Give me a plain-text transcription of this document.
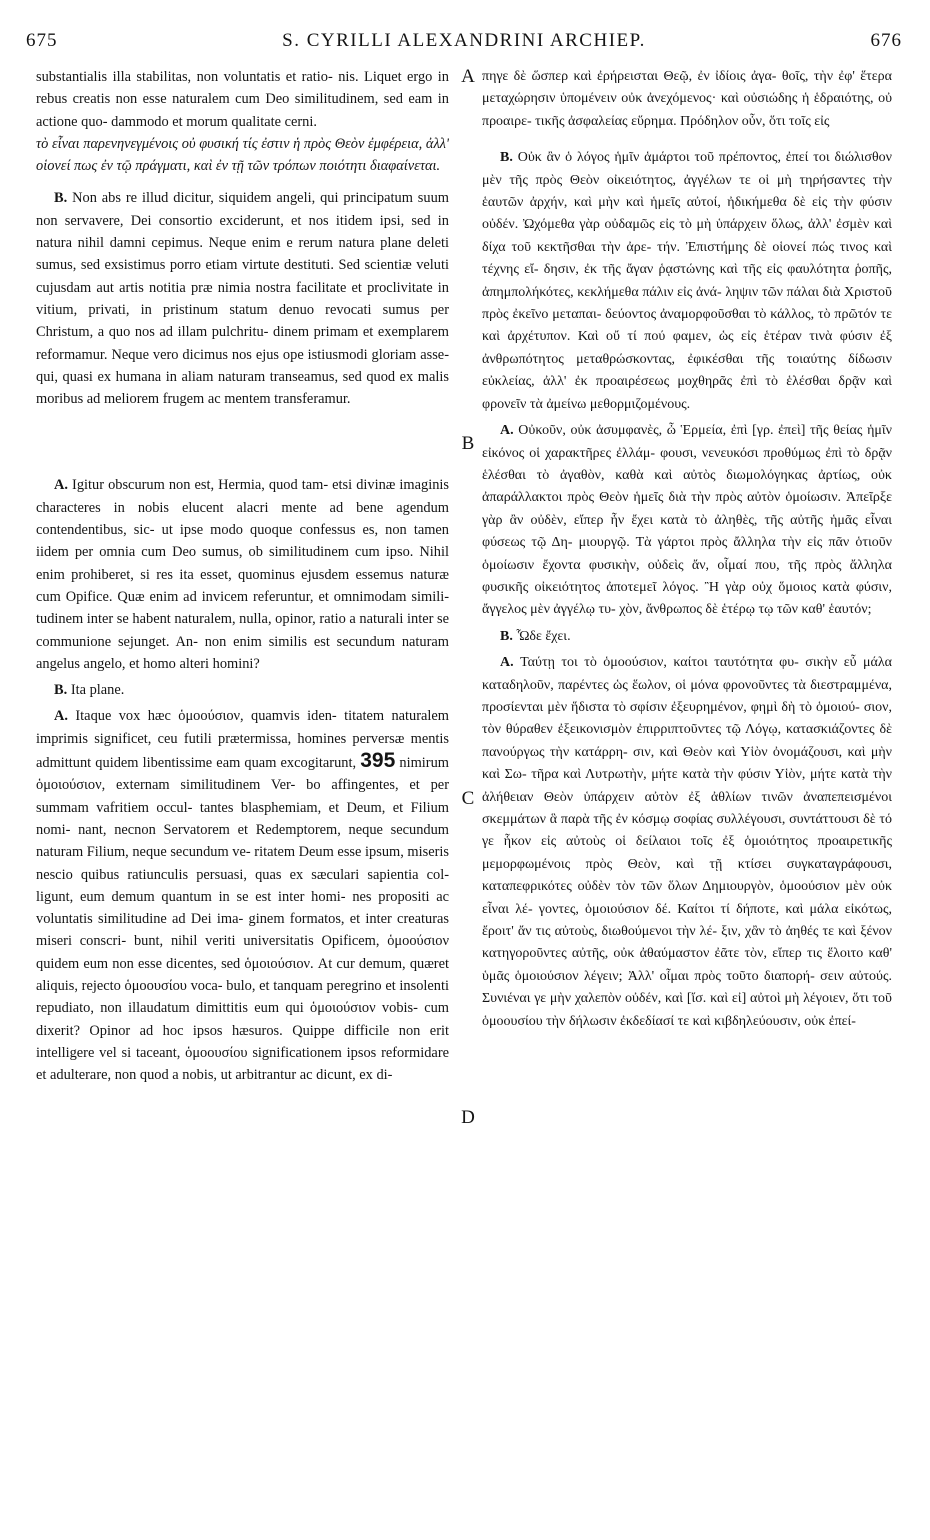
675	S. CYRILLI ALEXANDRINI ARCHIEP.	676

substantialis illa stabilitas, non voluntatis et ratio- nis. Liquet ergo in rebus creatis non esse naturalem cum Deo similitudinem, sed eam in actione quo- dammodo et morum qualitate cerni.

τὸ εἶναι παρενηνεγμένοις οὐ φυσική τίς ἐστιν ἡ πρὸς Θεὸν ἐμφέρεια, ἀλλ' οἱονεί πως ἐν τῷ πράγματι, καὶ ἐν τῇ τῶν τρόπων ποιότητι διαφαίνεται.

B. Non abs re illud dicitur, siquidem angeli, qui principatum suum non servavere, Dei consortio exciderunt, et nos itidem ipsi, sed in natura nihil damni cepimus. Neque enim e rerum natura plane deleti sumus, sed exsistimus porro etiam virtute destituti. Sed scientiæ veluti cujusdam aut artis notitia præ nimia nostra facilitate et proclivitate in vitium, privati, in pristinum statum denuo revocati sumus per Christum, a quo nos ad illam pulchritu- dinem primam et exemplarem reformamur. Neque vero dicimus nos ejus ope istiusmodi gloriam asse- qui, quasi ex humana in aliam naturam transeamus, sed quod ex malis moribus ad meliorem frugem ac mentem transferamur.

A. Igitur obscurum non est, Hermia, quod tam- etsi divinæ imaginis characteres in nobis elucent alacri mente ad bene agendum contendentibus, sic- ut ipse modo quoque confessus es, non tamen iidem per omnia cum Deo sumus, ob similitudinem cum ipso. Nihil enim prohiberet, si res ita esset, quominus ejusdem essemus naturæ cum Opifice. Quæ enim ad invicem referuntur, et omnimodam simili- tudinem inter se habent naturalem, nulla, opinor, ratio a naturali inter se communione sejunget. An- non enim similis est secundum naturam angelus angelo, et homo alteri homini?

B. Ita plane.

A. Itaque vox hæc ὁμοούσιον, quamvis iden- titatem naturalem imprimis significet, ceu futili prætermissa, homines perversæ mentis admittunt quidem libentissime eam quam excogitarunt, 395 nimirum ὁμοιούσιον, externam similitudinem Ver- bo affingentes, et per summam vafritiem occul- tantes blasphemiam, et Deum, et Filium nomi- nant, necnon Servatorem et Redemptorem, neque secundum naturam Filium, neque secundum ve- ritatem Deum esse ipsum, miseris nescio quibus ratiunculis persuasi, quas ex sæculari sapientia col- ligunt, eum demum quantum in se est inter homi- nes propositi ac voluntatis similitudine ad Dei ima- ginem formatos, et inter creaturas miseri conscri- bunt, nihil veriti universitatis Opificem, ὁμοούσιον quidem eum non esse dicentes, sed ὁμοιούσιον. At cur demum, quæret aliquis, rejecto ὁμοουσίου voca- bulo, et tanquam peregrino et insolenti repudiato, non illaudatum dimittitis eum qui ὁμοιούσιον vobis- cum dixerit? Opinor ad hoc ipsos hæsuros. Quippe difficile non erit intelligere vel si taceant, ὁμοουσίου significationem ipsos reformidare et adulterare, non quod a nobis, ut arbitrantur ac dicunt, ex di-

A
B
C
D

πηγε δὲ ὥσπερ καὶ ἐρήρεισται Θεῷ, ἐν ἰδίοις ἀγα- θοῖς, τὴν ἐφ' ἕτερα μεταχώρησιν ὑπομένειν οὐκ ἀνεχόμενος· καὶ οὐσιώδης ἡ ἑδραιότης, οὐ προαιρε- τικῆς ἀσφαλείας εὕρημα. Πρόδηλον οὖν, ὅτι τοῖς εἰς

B. Οὐκ ἂν ὁ λόγος ἡμῖν ἁμάρτοι τοῦ πρέποντος, ἐπεί τοι διώλισθον μὲν τῆς πρὸς Θεὸν οἰκειότητος, ἀγγέλων τε οἱ μὴ τηρήσαντες τὴν ἑαυτῶν ἀρχήν, καὶ μὴν καὶ ἡμεῖς αὐτοί, ἠδικήμεθα δὲ εἰς τὴν φύσιν οὐδέν. Ὠχόμεθα γὰρ οὐδαμῶς εἰς τὸ μὴ ὑπάρχειν ὅλως, ἀλλ' ἐσμὲν καὶ δίχα τοῦ κεκτῆσθαι τὴν ἀρε- τήν. Ἐπιστήμης δὲ οἱονεί πώς τινος καὶ τέχνης εἴ- δησιν, ἐκ τῆς ἄγαν ῥᾳστώνης καὶ τῆς εἰς φαυλότητα ῥοπῆς, ἀπημπολήκότες, κεκλήμεθα πάλιν εἰς ἀνά- ληψιν τῶν πάλαι διὰ Χριστοῦ πρὸς ἐκεῖνο μεταπαι- δεύοντος ἀναμορφοῦσθαι τὸ κάλλος, τὸ πρῶτόν τε καὶ ἀρχέτυπον. Καὶ οὔ τί πού φαμεν, ὡς εἰς ἑτέραν τινὰ φύσιν ἐξ ἀνθρωπότητος μεταθρώσκοντας, ἐφικέσθαι τῆς τοιαύτης δίδωσιν εὐκλείας, ἀλλ' ἐκ προαιρέσεως μοχθηρᾶς ἐπὶ τὸ ἑλέσθαι δρᾷν καὶ φρονεῖν τὰ ἀμείνω μεθορμιζομένους.

A. Οὐκοῦν, οὐκ ἀσυμφανὲς, ὦ Ἑρμεία, ἐπὶ [γρ. ἐπεὶ] τῆς θείας ἡμῖν εἰκόνος οἱ χαρακτῆρες ἐλλάμ- φουσι, νενευκόσι προθύμως ἐπὶ τὸ δρᾷν ἑλέσθαι τὸ ἀγαθὸν, καθὰ καὶ αὐτὸς διωμολόγηκας ἀρτίως, οὐκ ἀπαράλλακτοι πρὸς Θεὸν ἡμεῖς διὰ τὴν πρὸς αὐτὸν ὁμοίωσιν. Ἀπεῖρξε γὰρ ἂν οὐδὲν, εἴπερ ἦν ἔχει κατὰ τὸ ἀληθὲς, τῆς αὐτῆς ἡμᾶς εἶναι φύσεως τῷ Δη- μιουργῷ. Τὰ γάρτοι πρὸς ἄλληλα τὴν εἰς πᾶν ὁτιοῦν ὁμοίωσιν ἔχοντα φυσικὴν, οὐδεὶς ἄν, οἶμαί που, τῆς πρὸς ἄλληλα φυσικῆς οἰκειότητος ἀποτεμεῖ λόγος. Ἢ γὰρ οὐχ ὅμοιος κατὰ φύσιν, ἄγγελος μὲν ἀγγέλῳ τυ- χὸν, ἄνθρωπος δὲ ἑτέρῳ τῳ τῶν καθ' ἑαυτόν;

B. Ὧδε ἔχει.

A. Ταύτῃ τοι τὸ ὁμοούσιον, καίτοι ταυτότητα φυ- σικὴν εὖ μάλα καταδηλοῦν, παρέντες ὡς ἕωλον, οἱ μόνα φρονοῦντες τὰ διεστραμμένα, προσίενται μὲν ἥδιστα τὸ σφίσιν ἐξευρημένον, φημὶ δὴ τὸ ὁμοιού- σιον, τὸν θύραθεν ἐξεικονισμὸν ἐπιρριπτοῦντες τῷ Λόγῳ, κατασκιάζοντες δὲ πανούργως τὴν κατάρρη- σιν, καὶ Θεὸν καὶ Υἱὸν ὀνομάζουσι, καὶ μὴν καὶ Σω- τῆρα καὶ Λυτρωτὴν, μήτε κατὰ τὴν φύσιν Υἱὸν, μήτε κατὰ τὴν ἀλήθειαν Θεὸν ὑπάρχειν αὐτὸν ἐξ ἀθλίων τινῶν ἀναπεπεισμένοι σκεμμάτων ἃ παρὰ τῆς ἐν κόσμῳ σοφίας συλλέγουσι, συντάττουσι δὲ τό γε ἧκον εἰς αὐτοὺς οἱ δείλαιοι τοῖς ἐξ ὁμοιότητος προαιρετικῆς μεμορφωμένοις πρὸς Θεὸν, καὶ τῇ κτίσει συγκαταγράφουσι, καταπεφρικότες οὐδὲν τὸν τῶν ὅλων Δημιουργὸν, ὁμοούσιον μὲν οὐκ εἶναι λέ- γοντες, ὁμοιούσιον δέ. Καίτοι τί δήποτε, καὶ μάλα εἰκότως, ἔροιτ' ἄν τις αὐτοὺς, διωθούμενοι τὴν λέ- ξιν, χἂν τὸ ἀηθές τε καὶ ξένον κατηγοροῦντες αὐτῆς, οὐκ ἀθαύμαστον ἐᾶτε τὸν, εἴπερ τις ἕλοιτο καθ' ὑμᾶς ὁμοιούσιον λέγειν; Ἀλλ' οἶμαι πρὸς τοῦτο διαπορή- σειν αὐτούς. Συνιέναι γε μὴν χαλεπὸν οὐδέν, καὶ [ἴσ. καὶ εἰ] αὐτοὶ μὴ λέγοιεν, ὅτι τοῦ ὁμοουσίου τὴν δήλωσιν ἐκδεδίασί τε καὶ κιβδηλεύουσιν, οὐκ ἐπεί-
